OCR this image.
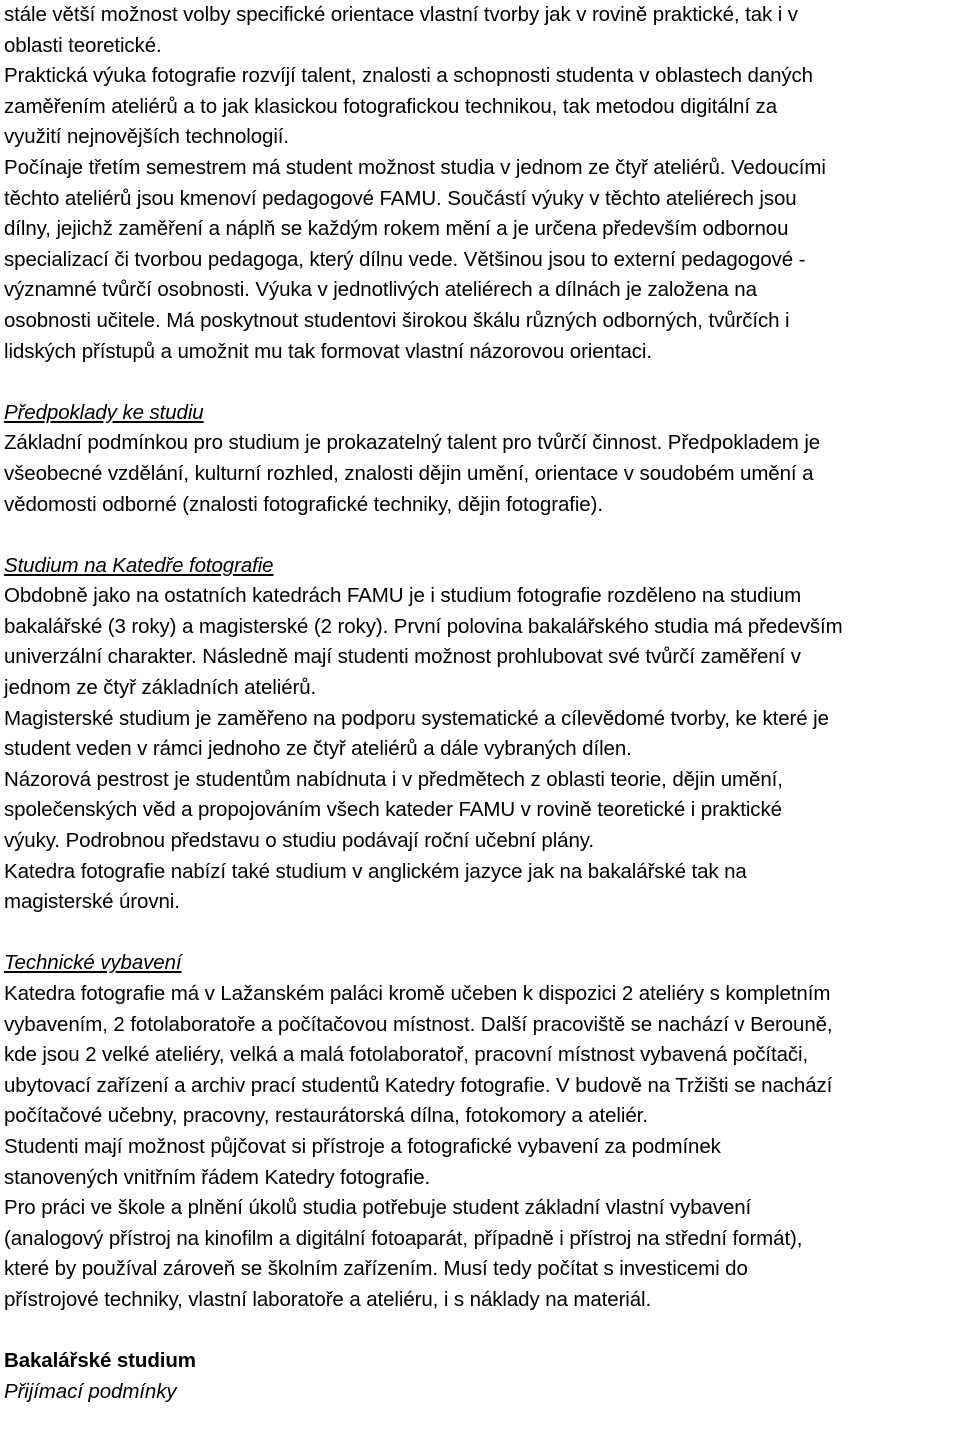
stále větší možnost volby specifické orientace vlastní tvorby jak v rovině praktické, tak i v
oblasti teoretické.
Praktická výuka fotografie rozvíjí talent, znalosti a schopnosti studenta v oblastech daných
zaměřením ateliérů a to jak klasickou fotografickou technikou, tak metodou digitální za
využití nejnovějších technologií.
Počínaje třetím semestrem má student možnost studia v jednom ze čtyř ateliérů. Vedoucími
těchto ateliérů jsou kmenoví pedagogové FAMU. Součástí výuky v těchto ateliérech jsou
dílny, jejichž zaměření a náplň se každým rokem mění a je určena především odbornou
specializací či tvorbou pedagoga, který dílnu vede. Většinou jsou to externí pedagogové -
významné tvůrčí osobnosti. Výuka v jednotlivých ateliérech a dílnách je založena na
osobnosti učitele. Má poskytnout studentovi širokou škálu různých odborných, tvůrčích i
lidských přístupů a umožnit mu tak formovat vlastní názorovou orientaci.
Předpoklady ke studiu
Základní podmínkou pro studium je prokazatelný talent pro tvůrčí činnost. Předpokladem je
všeobecné vzdělání, kulturní rozhled, znalosti dějin umění, orientace v soudobém umění a
vědomosti odborné (znalosti fotografické techniky, dějin fotografie).
Studium na Katedře fotografie
Obdobně jako na ostatních katedrách FAMU je i studium fotografie rozděleno na studium
bakalářské (3 roky) a magisterské (2 roky). První polovina bakalářského studia má především
univerzální charakter. Následně mají studenti možnost prohlubovat své tvůrčí zaměření v
jednom ze čtyř základních ateliérů.
Magisterské studium je zaměřeno na podporu systematické a cílevědomé tvorby, ke které je
student veden v rámci jednoho ze čtyř ateliérů a dále vybraných dílen.
Názorová pestrost je studentům nabídnuta i v předmětech z oblasti teorie, dějin umění,
společenských věd a propojováním všech kateder FAMU v rovině teoretické i praktické
výuky. Podrobnou představu o studiu podávají roční učební plány.
Katedra fotografie nabízí také studium v anglickém jazyce jak na bakalářské tak na
magisterské úrovni.
Technické vybavení
Katedra fotografie má v Lažanském paláci kromě učeben k dispozici 2 ateliéry s kompletním
vybavením, 2 fotolaboratoře a počítačovou místnost. Další pracoviště se nachází v Berouně,
kde jsou 2 velké ateliéry, velká a malá fotolaboratoř, pracovní místnost vybavená počítači,
ubytovací zařízení a archiv prací studentů Katedry fotografie. V budově na Tržišti se nachází
počítačové učebny, pracovny, restaurátorská dílna, fotokomory a ateliér.
Studenti mají možnost půjčovat si přístroje a fotografické vybavení za podmínek
stanovených vnitřním řádem Katedry fotografie.
Pro práci ve škole a plnění úkolů studia potřebuje student základní vlastní vybavení
(analogový přístroj na kinofilm a digitální fotoaparát, případně i přístroj na střední formát),
které by používal zároveň se školním zařízením. Musí tedy počítat s investicemi do
přístrojové techniky, vlastní laboratoře a ateliéru, i s náklady na materiál.
Bakalářské studium
Přijímací podmínky
